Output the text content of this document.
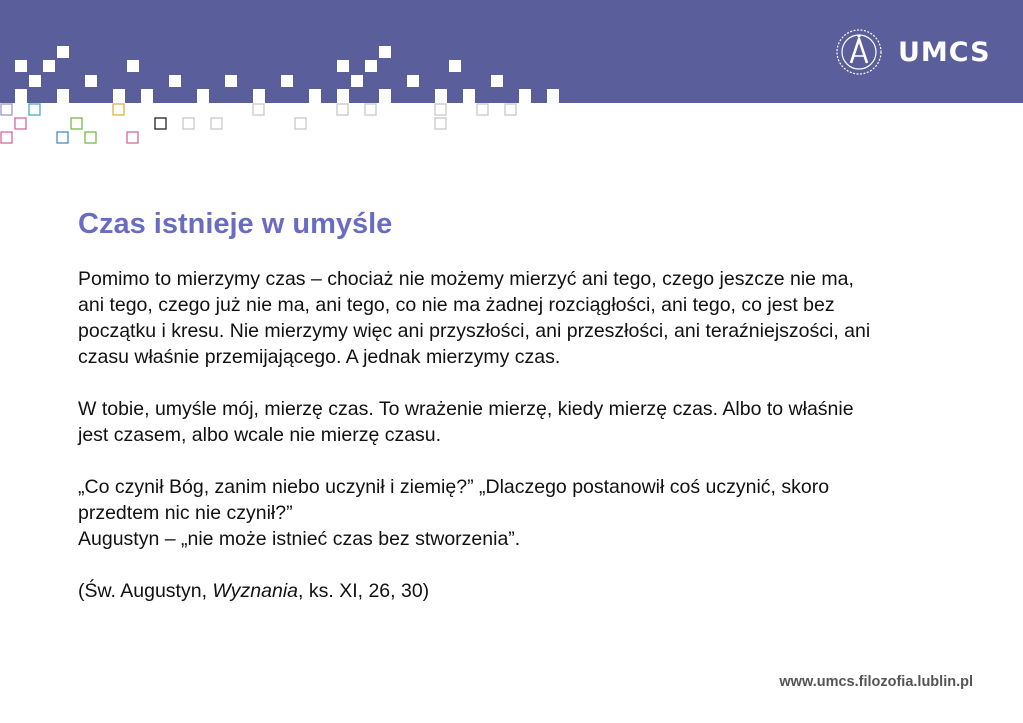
UMCS
Czas istnieje w umyśle

Pomimo to mierzymy czas – chociaż nie możemy mierzyć ani tego, czego jeszcze nie ma,
ani tego, czego już nie ma, ani tego, co nie ma żadnej rozciągłości, ani tego, co jest bez
początku i kresu. Nie mierzymy więc ani przyszłości, ani przeszłości, ani teraźniejszości, ani
czasu właśnie przemijającego. A jednak mierzymy czas.

W tobie, umyśle mój, mierzę czas. To wrażenie mierzę, kiedy mierzę czas. Albo to właśnie
jest czasem, albo wcale nie mierzę czasu.

„Co czynił Bóg, zanim niebo uczynił i ziemię?” „Dlaczego postanowił coś uczynić, skoro
przedtem nic nie czynił?”
Augustyn – „nie może istnieć czas bez stworzenia”.

(Św. Augustyn, Wyznania, ks. XI, 26, 30)

www.umcs.filozofia.lublin.pl
